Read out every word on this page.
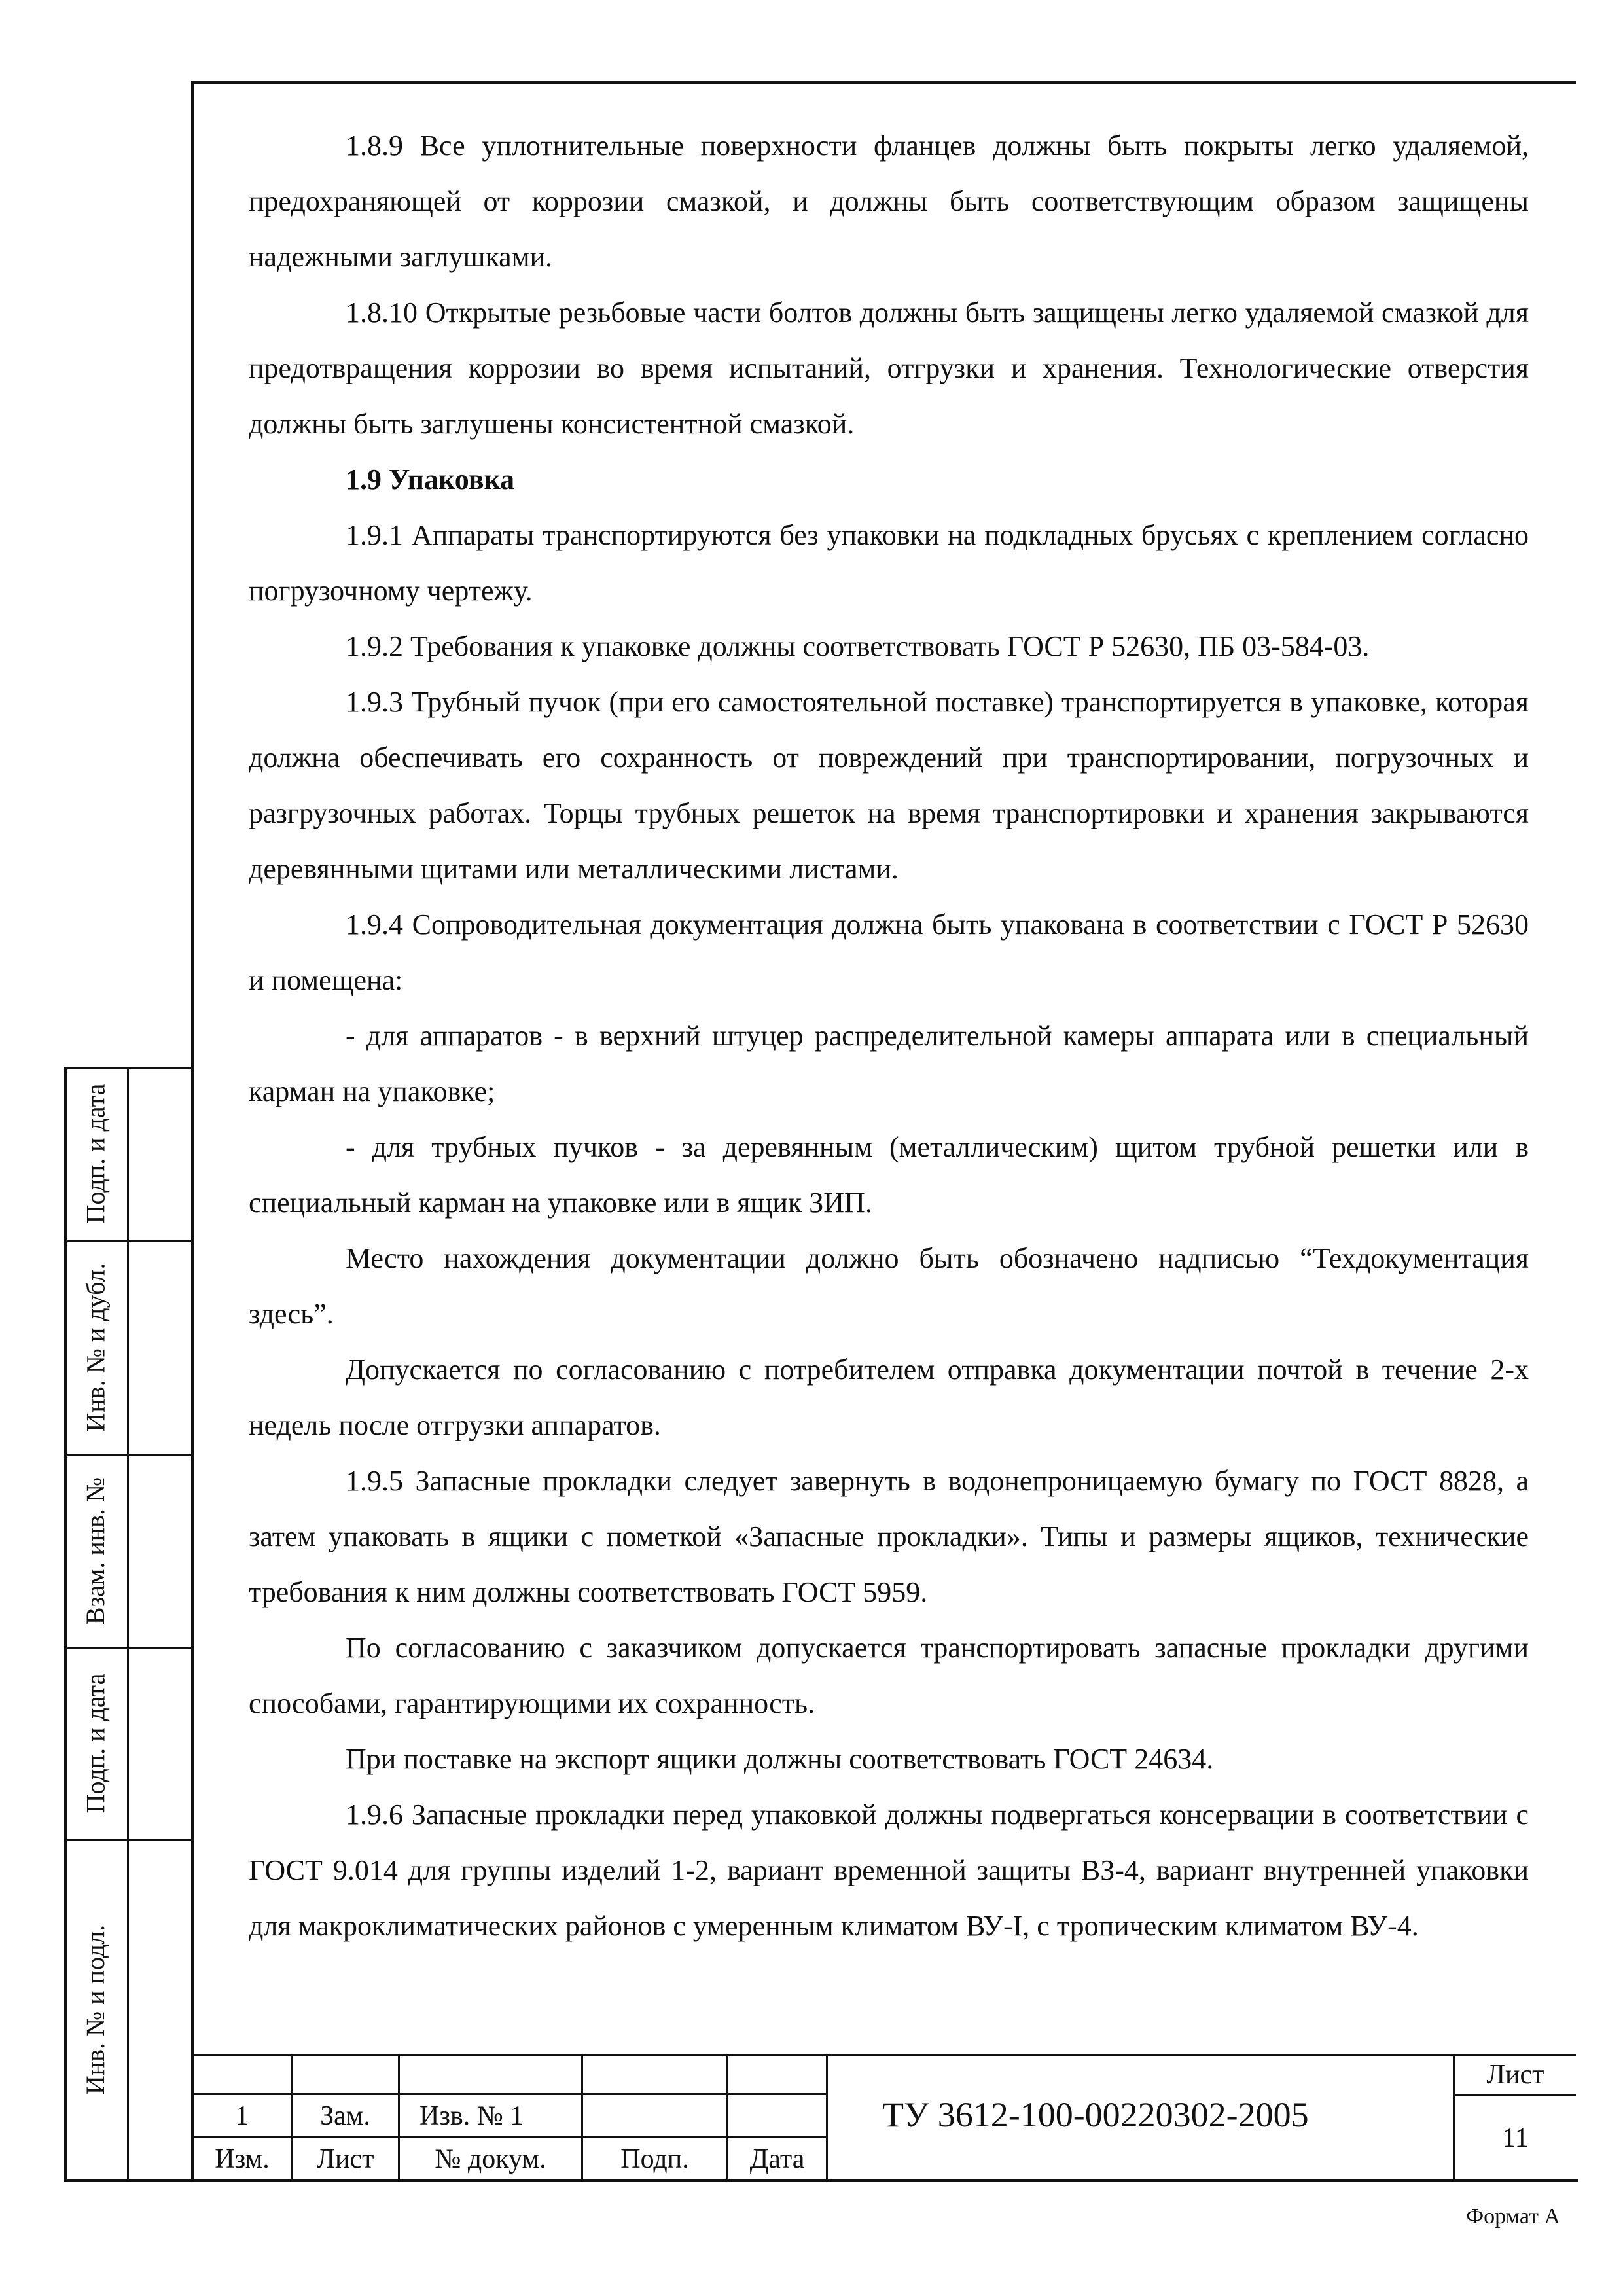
1.8.9 Все уплотнительные поверхности фланцев должны быть покрыты легко удаляемой, предохраняющей от коррозии смазкой, и должны быть соответствующим образом защищены надежными заглушками.

1.8.10 Открытые резьбовые части болтов должны быть защищены легко удаляемой смазкой для предотвращения коррозии во время испытаний, отгрузки и хранения. Технологические отверстия должны быть заглушены консистентной смазкой.

1.9 Упаковка

1.9.1 Аппараты транспортируются без упаковки на подкладных брусьях с креплением согласно погрузочному чертежу.

1.9.2 Требования к упаковке должны соответствовать ГОСТ Р 52630, ПБ 03-584-03.

1.9.3 Трубный пучок (при его самостоятельной поставке) транспортируется в упаковке, которая должна обеспечивать его сохранность от повреждений при транспортировании, погрузочных и разгрузочных работах. Торцы трубных решеток на время транспортировки и хранения закрываются деревянными щитами или металлическими листами.

1.9.4 Сопроводительная документация должна быть упакована в соответствии с ГОСТ Р 52630 и помещена:

- для аппаратов - в верхний штуцер распределительной камеры аппарата или в специальный карман на упаковке;

- для трубных пучков - за деревянным (металлическим) щитом трубной решетки или в специальный карман на упаковке или в ящик ЗИП.

Место нахождения документации должно быть обозначено надписью “Техдокументация здесь”.

Допускается по согласованию с потребителем отправка документации почтой в течение 2-х недель после отгрузки аппаратов.

1.9.5 Запасные прокладки следует завернуть в водонепроницаемую бумагу по ГОСТ 8828, а затем упаковать в ящики с пометкой «Запасные прокладки». Типы и размеры ящиков, технические требования к ним должны соответствовать ГОСТ 5959.

По согласованию с заказчиком допускается транспортировать запасные прокладки другими способами, гарантирующими их сохранность.

При поставке на экспорт ящики должны соответствовать ГОСТ 24634.

1.9.6 Запасные прокладки перед упаковкой должны подвергаться консервации в соответствии с ГОСТ 9.014 для группы изделий 1-2, вариант временной защиты ВЗ-4, вариант внутренней упаковки для макроклиматических районов с умеренным климатом ВУ-I, с тропическим климатом ВУ-4.

Подп. и дата
Инв. № и дубл.
Взам. инв. №
Подп. и дата
Инв. № и подл.
1	Зам.	Изв. № 1
Изм.	Лист	№ докум.	Подп.	Дата
ТУ 3612-100-00220302-2005
Лист
11
Формат А
